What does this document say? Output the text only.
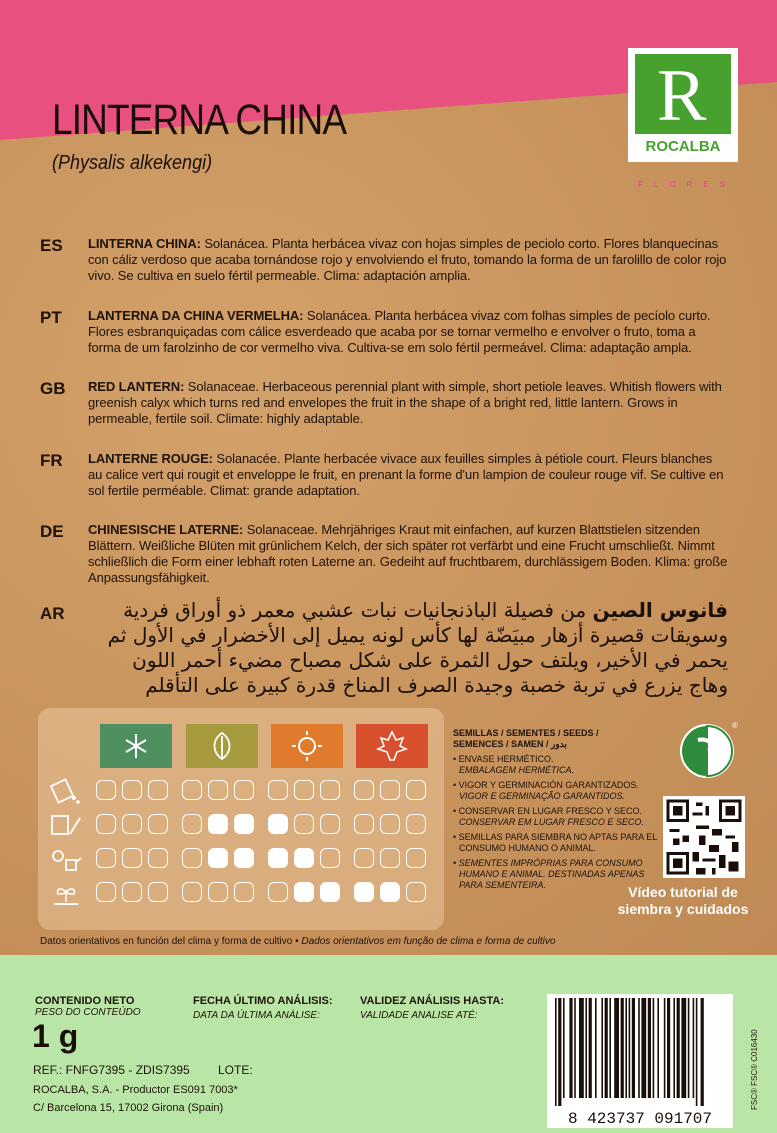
LINTERNA CHINA
(Physalis alkekengi)
R
ROCALBA
FLORES
ES LINTERNA CHINA: Solanácea. Planta herbácea vivaz con hojas simples de peciolo corto. Flores blanquecinas con cáliz verdoso que acaba tornándose rojo y envolviendo el fruto, tomando la forma de un farolillo de color rojo vivo. Se cultiva en suelo fértil permeable. Clima: adaptación amplia.
PT LANTERNA DA CHINA VERMELHA: Solanácea. Planta herbácea vivaz com folhas simples de pecíolo curto. Flores esbranquiçadas com cálice esverdeado que acaba por se tornar vermelho e envolver o fruto, toma a forma de um farolzinho de cor vermelho viva. Cultiva-se em solo fértil permeável. Clima: adaptação ampla.
GB RED LANTERN: Solanaceae. Herbaceous perennial plant with simple, short petiole leaves. Whitish flowers with greenish calyx which turns red and envelopes the fruit in the shape of a bright red, little lantern. Grows in permeable, fertile soil. Climate: highly adaptable.
FR LANTERNE ROUGE: Solanacée. Plante herbacée vivace aux feuilles simples à pétiole court. Fleurs blanches au calice vert qui rougit et enveloppe le fruit, en prenant la forme d'un lampion de couleur rouge vif. Se cultive en sol fertile perméable. Climat: grande adaptation.
DE CHINESISCHE LATERNE: Solanaceae. Mehrjähriges Kraut mit einfachen, auf kurzen Blattstielen sitzenden Blättern. Weißliche Blüten mit grünlichem Kelch, der sich später rot verfärbt und eine Frucht umschließt. Nimmt schließlich die Form einer lebhaft roten Laterne an. Gedeiht auf fruchtbarem, durchlässigem Boden. Klima: große Anpassungsfähigkeit.
AR	فانوس الصين من فصيلة الباذنجانيات نبات عشبي معمر ذو أوراق فردية وسويقات قصيرة أزهار مبيَضّة لها كأس لونه يميل إلى الأخضرار في الأول ثم يحمر في الأخير، ويلتف حول الثمرة على شكل مصباح مضيء أحمر اللون وهاج يزرع في تربة خصبة وجيدة الصرف المناخ قدرة كبيرة على التأقلم
SEMILLAS / SEMENTES / SEEDS /
SEMENCES / SAMEN / بدور
• ENVASE HERMÉTICO.
EMBALAGEM HERMÉTICA.
• VIGOR Y GERMINACIÓN GARANTIZADOS.
VIGOR E GERMINAÇÃO GARANTIDOS.
• CONSERVAR EN LUGAR FRESCO Y SECO.
CONSERVAR EM LUGAR FRESCO E SECO.
• SEMILLAS PARA SIEMBRA NO APTAS PARA EL CONSUMO HUMANO O ANIMAL.
• SEMENTES IMPRÓPRIAS PARA CONSUMO HUMANO E ANIMAL. DESTINADAS APENAS PARA SEMENTEIRA.
®
Vídeo tutorial de siembra y cuidados
Datos orientativos en función del clima y forma de cultivo • Dados orientativos em função de clima e forma de cultivo
CONTENIDO NETO
PESO DO CONTEÚDO
1 g
FECHA ÚLTIMO ANÁLISIS:
DATA DA ÚLTIMA ANÁLISE:
VALIDEZ ANÁLISIS HASTA:
VALIDADE ANALISE ATÉ:
REF.: FNFG7395 - ZDIS7395 LOTE:
ROCALBA, S.A. - Productor ES091 7003*
C/ Barcelona 15, 17002 Girona (Spain)
8 423737 091707
FSC® FSC® C016430
